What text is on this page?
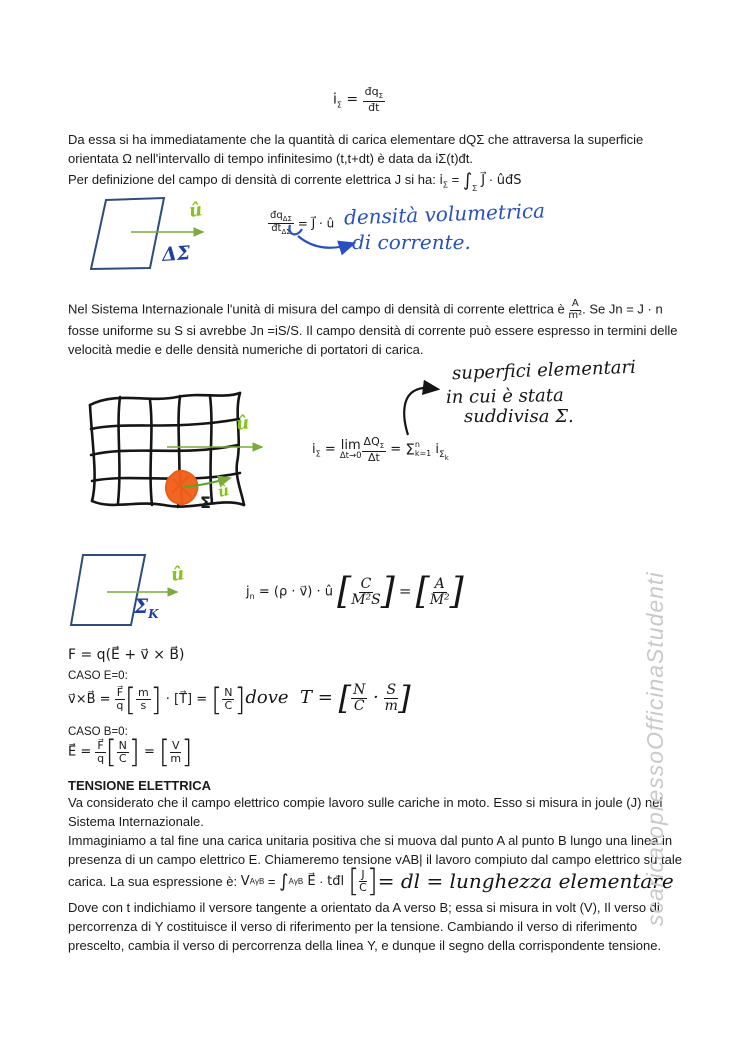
$i_\Sigma = \frac{đq_\Sigma}{đt}$
Da essa si ha immediatamente che la quantità di carica elementare dQΣ che attraversa la superficie
orientata Ω nell'intervallo di tempo infinitesimo (t,t+dt) è data da iΣ(t)đt.
Per definizione del campo di densità di corrente elettrica J si ha: $i_\Sigma = \int_\Sigma$ J⃗ · ûđS
û
ΔΣ
$\frac{đq_{\Delta\Sigma}}{đt_{\Delta\Sigma}}$ = J⃗ · û densità volumetrica
di corrente.
Nel Sistema Internazionale l'unità di misura del campo di densità di corrente elettrica è $\frac{A}{\text{m²}}$ . Se Jn = J · n
fosse uniforme su S si avrebbe Jn =iS/S. Il campo densità di corrente può essere espresso in termini delle
velocità medie e delle densità numeriche di portatori di carica.
superfici elementari
in cui è stata
suddivisa Σ.
û
û
Σ
$i_\Sigma = \lim$
$\Delta t\to 0 \frac{\Delta Q_\Sigma}{\Delta t} = \Sigma$ n
k=1 $i_{\Sigma_k}$
û
$\Sigma_K$
$j_n = (\rho$ · v⃗) · û [ $\frac{C}{\text{M²S}}$ ] = [ $\frac{A}{\text{M²}}$ ]
F = q(E⃗ + v⃗ × B⃗)
CASO E=0:
v⃗×B⃗ = $\frac{F⃗}{q}$ [ $\frac{m}{s}$ ] · [T⃗] = [ $\frac{N}{C}$ ]dove  T = [ $\frac{N}{C} \cdot \frac{S}{m}$ ]
CASO B=0:
E⃗ = $\frac{F⃗}{q}$ [ $\frac{N}{C}$ ] = [ $\frac{V}{m}$ ]
TENSIONE ELETTRICA
Va considerato che il campo elettrico compie lavoro sulle cariche in moto. Esso si misura in joule (J) nel
Sistema Internazionale.
Immaginiamo a tal fine una carica unitaria positiva che si muova dal punto A al punto B lungo una linea in
presenza di un campo elettrico E. Chiameremo tensione vAB| il lavoro compiuto dal campo elettrico su tale
carica. La sua espressione è: V AγB = ∫ AγB E⃗ · tđl [ $\frac{J}{C}$ ] = dl = lunghezza elementare
Dove con t indichiamo il versore tangente a orientato da A verso B; essa si misura in volt (V), Il verso di
percorrenza di Υ costituisce il verso di riferimento per la tensione. Cambiando il verso di riferimento
prescelto, cambia il verso di percorrenza della linea Υ, e dunque il segno della corrispondente tensione.
scaricatopressoOfficinaStudenti
